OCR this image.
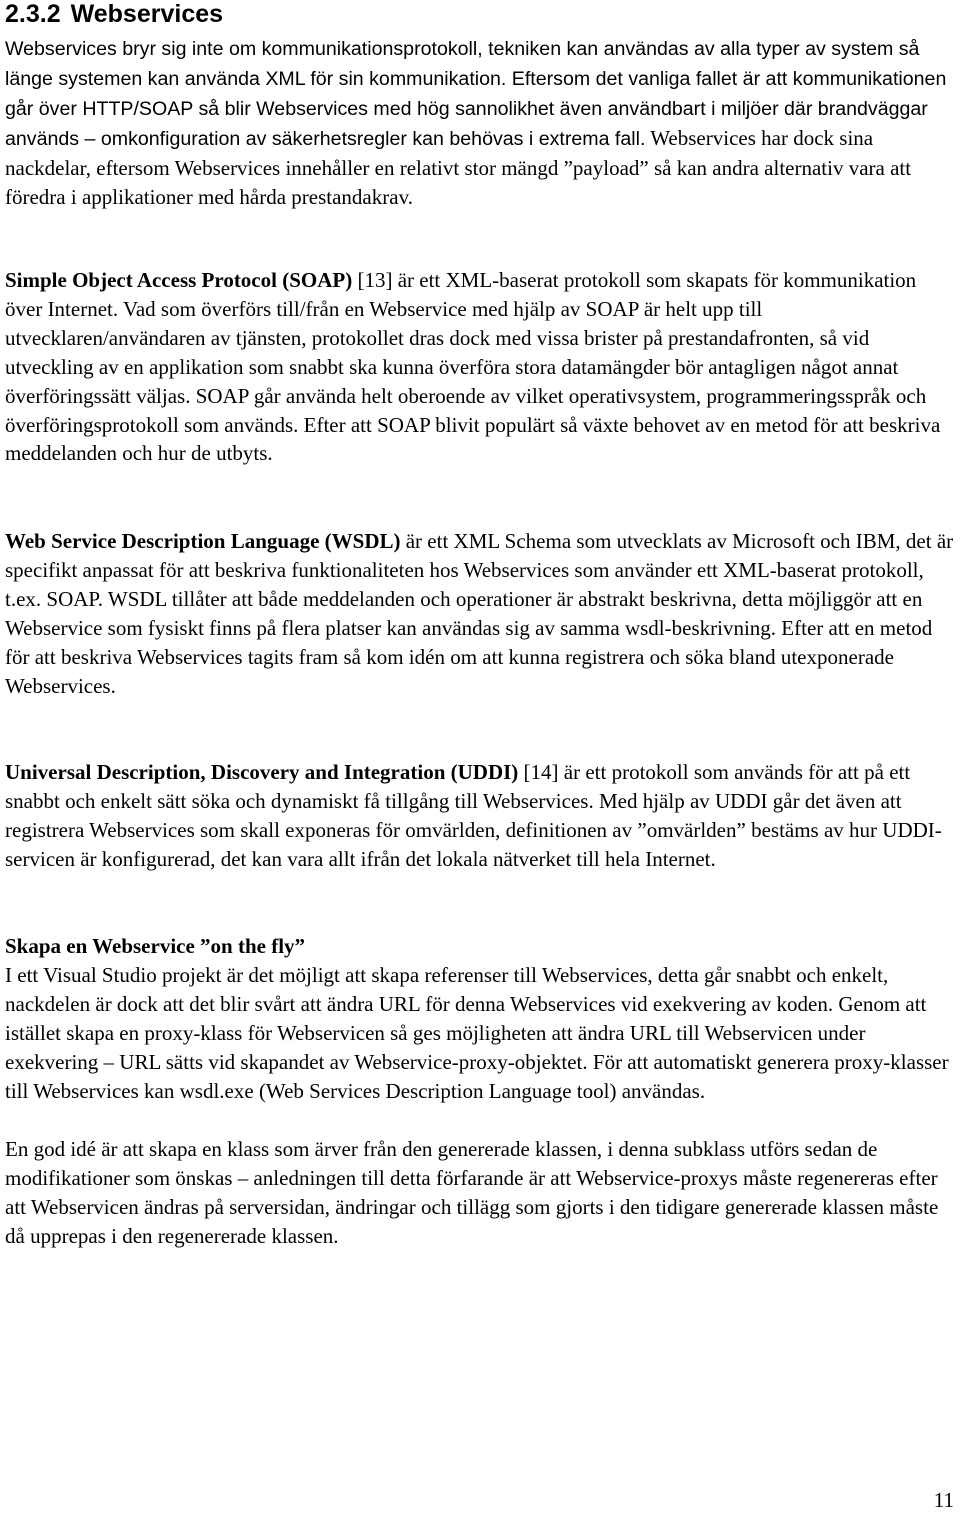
2.3.2 Webservices

Webservices bryr sig inte om kommunikationsprotokoll, tekniken kan användas av alla typer av system så länge systemen kan använda XML för sin kommunikation. Eftersom det vanliga fallet är att kommunikationen går över HTTP/SOAP så blir Webservices med hög sannolikhet även användbart i miljöer där brandväggar används – omkonfiguration av säkerhetsregler kan behövas i extrema fall. Webservices har dock sina nackdelar, eftersom Webservices innehåller en relativt stor mängd ”payload” så kan andra alternativ vara att föredra i applikationer med hårda prestandakrav.

Simple Object Access Protocol (SOAP) [13] är ett XML-baserat protokoll som skapats för kommunikation över Internet. Vad som överförs till/från en Webservice med hjälp av SOAP är helt upp till utvecklaren/användaren av tjänsten, protokollet dras dock med vissa brister på prestandafronten, så vid utveckling av en applikation som snabbt ska kunna överföra stora datamängder bör antagligen något annat överföringssätt väljas. SOAP går använda helt oberoende av vilket operativsystem, programmeringsspråk och överföringsprotokoll som används. Efter att SOAP blivit populärt så växte behovet av en metod för att beskriva meddelanden och hur de utbyts.

Web Service Description Language (WSDL) är ett XML Schema som utvecklats av Microsoft och IBM, det är specifikt anpassat för att beskriva funktionaliteten hos Webservices som använder ett XML-baserat protokoll, t.ex. SOAP. WSDL tillåter att både meddelanden och operationer är abstrakt beskrivna, detta möjliggör att en Webservice som fysiskt finns på flera platser kan användas sig av samma wsdl-beskrivning. Efter att en metod för att beskriva Webservices tagits fram så kom idén om att kunna registrera och söka bland utexponerade Webservices.

Universal Description, Discovery and Integration (UDDI) [14] är ett protokoll som används för att på ett snabbt och enkelt sätt söka och dynamiskt få tillgång till Webservices. Med hjälp av UDDI går det även att registrera Webservices som skall exponeras för omvärlden, definitionen av ”omvärlden” bestäms av hur UDDI-servicen är konfigurerad, det kan vara allt ifrån det lokala nätverket till hela Internet.

Skapa en Webservice ”on the fly”

I ett Visual Studio projekt är det möjligt att skapa referenser till Webservices, detta går snabbt och enkelt, nackdelen är dock att det blir svårt att ändra URL för denna Webservices vid exekvering av koden. Genom att istället skapa en proxy-klass för Webservicen så ges möjligheten att ändra URL till Webservicen under exekvering – URL sätts vid skapandet av Webservice-proxy-objektet. För att automatiskt generera proxy-klasser till Webservices kan wsdl.exe (Web Services Description Language tool) användas.

En god idé är att skapa en klass som ärver från den genererade klassen, i denna subklass utförs sedan de modifikationer som önskas – anledningen till detta förfarande är att Webservice-proxys måste regenereras efter att Webservicen ändras på serversidan, ändringar och tillägg som gjorts i den tidigare genererade klassen måste då upprepas i den regenererade klassen.

11
